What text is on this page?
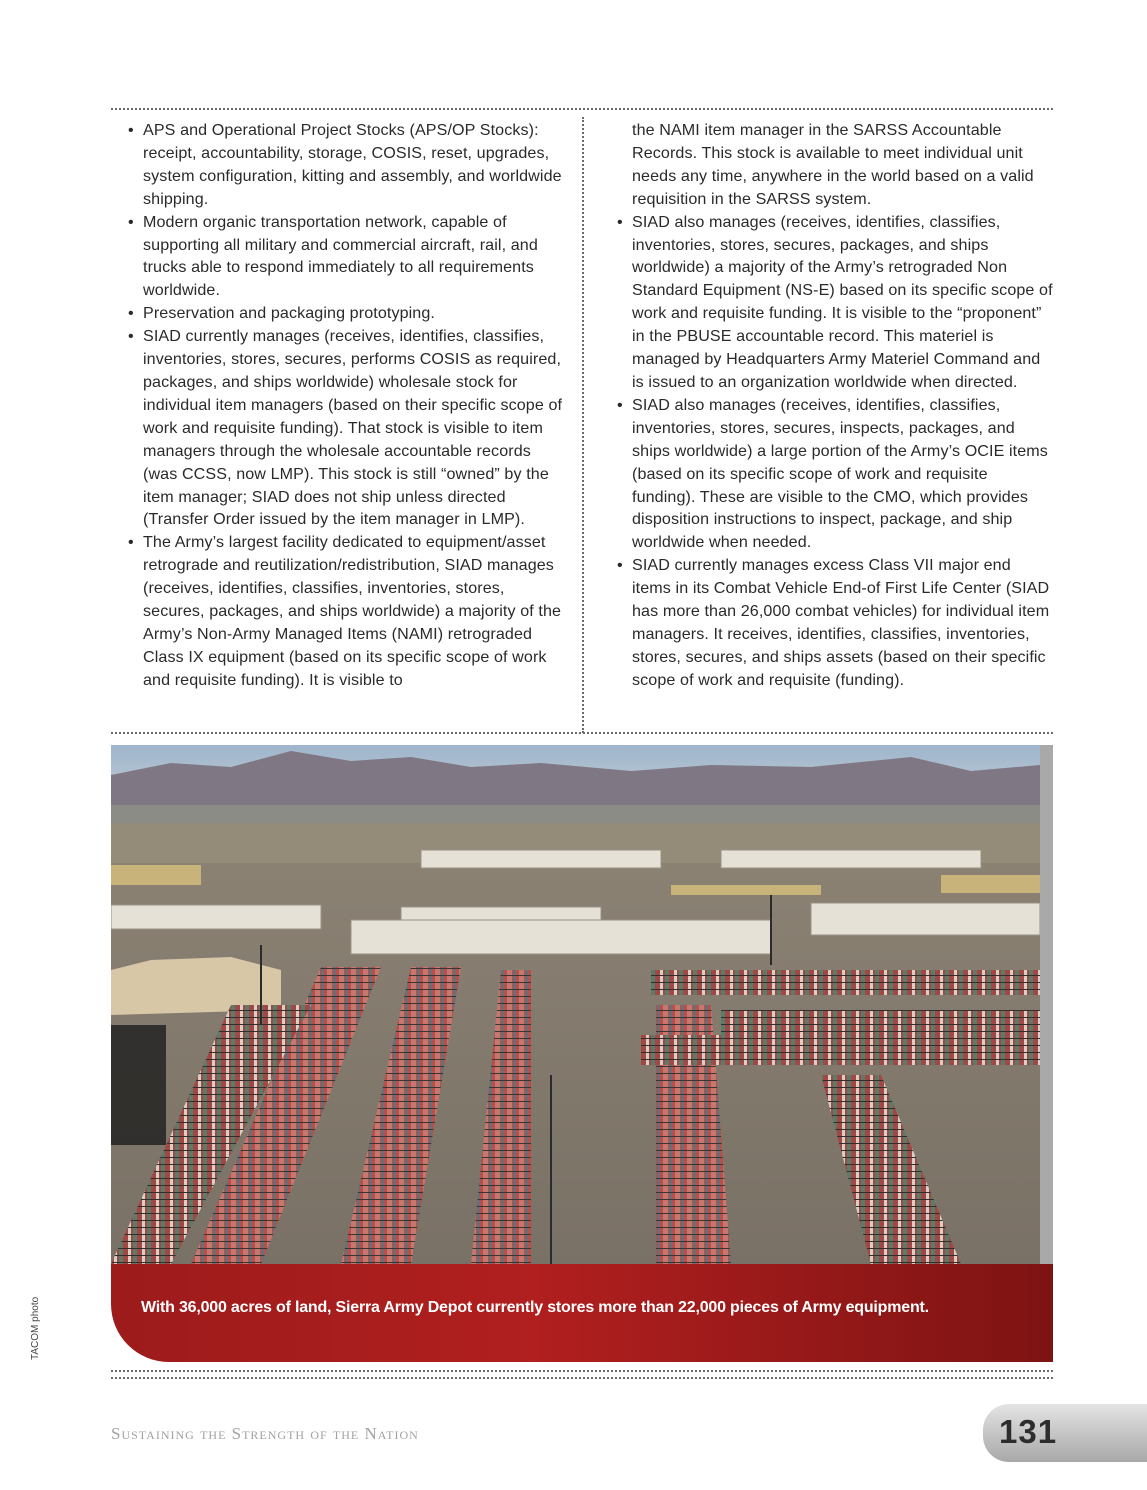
• APS and Operational Project Stocks (APS/OP Stocks): receipt, accountability, storage, COSIS, reset, upgrades, system configuration, kitting and assembly, and worldwide shipping.
• Modern organic transportation network, capable of supporting all military and commercial aircraft, rail, and trucks able to respond immediately to all requirements worldwide.
• Preservation and packaging prototyping.
• SIAD currently manages (receives, identifies, classifies, inventories, stores, secures, performs COSIS as required, packages, and ships worldwide) wholesale stock for individual item managers (based on their specific scope of work and requisite funding). That stock is visible to item managers through the wholesale accountable records (was CCSS, now LMP). This stock is still “owned” by the item manager; SIAD does not ship unless directed (Transfer Order issued by the item manager in LMP).
• The Army’s largest facility dedicated to equipment/asset retrograde and reutilization/redistribution, SIAD manages (receives, identifies, classifies, inventories, stores, secures, packages, and ships worldwide) a majority of the Army’s Non-Army Managed Items (NAMI) retrograded Class IX equipment (based on its specific scope of work and requisite funding). It is visible to
the NAMI item manager in the SARSS Accountable Records. This stock is available to meet individual unit needs any time, anywhere in the world based on a valid requisition in the SARSS system.
• SIAD also manages (receives, identifies, classifies, inventories, stores, secures, packages, and ships worldwide) a majority of the Army’s retrograded Non Standard Equipment (NS-E) based on its specific scope of work and requisite funding. It is visible to the “proponent” in the PBUSE accountable record. This materiel is managed by Headquarters Army Materiel Command and is issued to an organization worldwide when directed.
• SIAD also manages (receives, identifies, classifies, inventories, stores, secures, inspects, packages, and ships worldwide) a large portion of the Army’s OCIE items (based on its specific scope of work and requisite funding). These are visible to the CMO, which provides disposition instructions to inspect, package, and ship worldwide when needed.
• SIAD currently manages excess Class VII major end items in its Combat Vehicle End-of First Life Center (SIAD has more than 26,000 combat vehicles) for individual item managers. It receives, identifies, classifies, inventories, stores, secures, and ships assets (based on their specific scope of work and requisite (funding).
With 36,000 acres of land, Sierra Army Depot currently stores more than 22,000 pieces of Army equipment.
TACOM photo
Sustaining the Strength of the Nation	131
